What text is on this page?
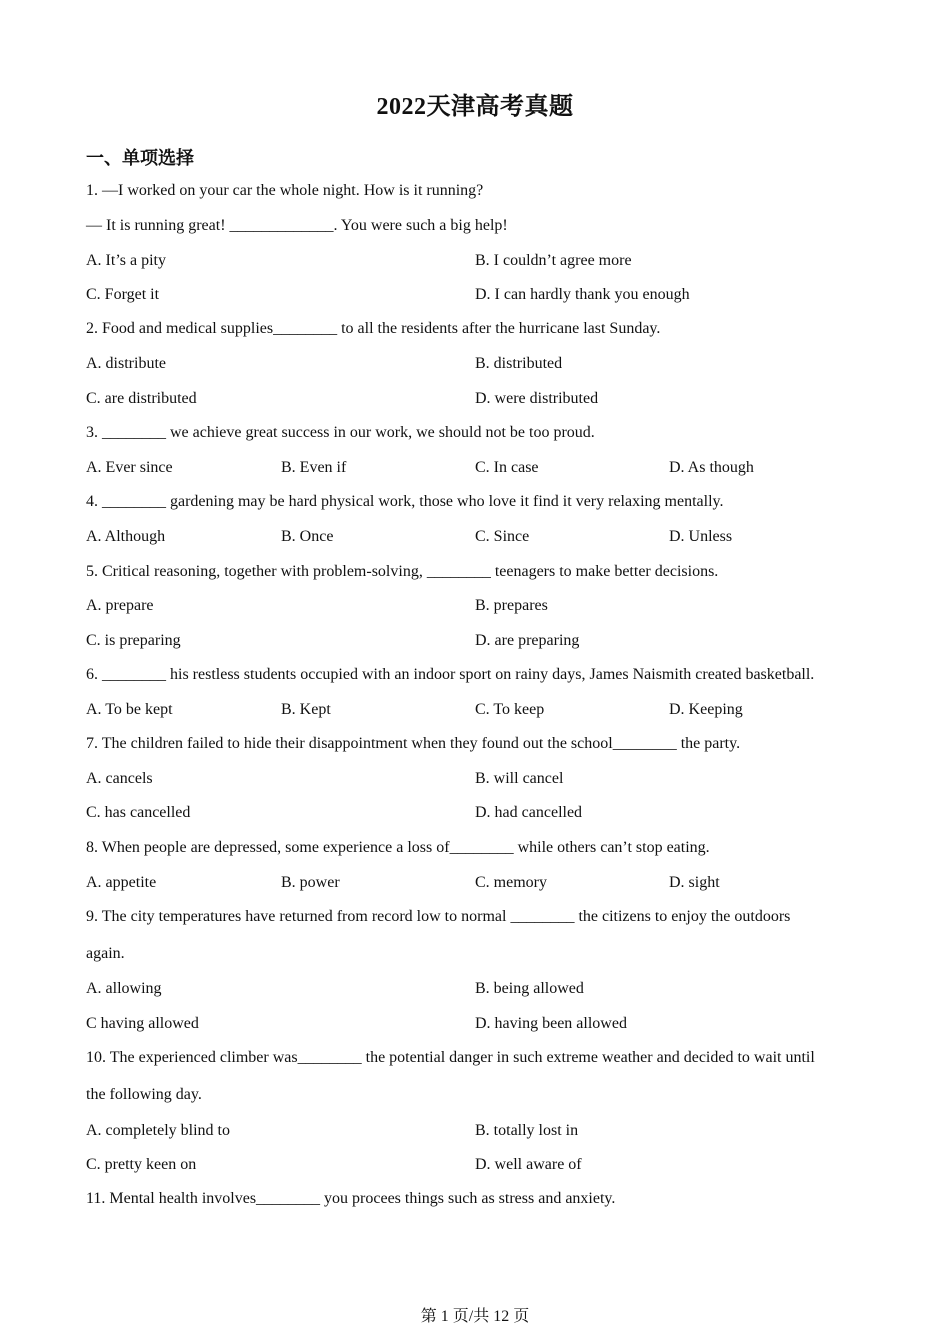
2022天津高考真题
一、单项选择
1. —I worked on your car the whole night. How is it running?
— It is running great! _____________. You were such a big help!
A. It’s a pity	B. I couldn’t agree more
C. Forget it	D. I can hardly thank you enough
2. Food and medical supplies________ to all the residents after the hurricane last Sunday.
A. distribute	B. distributed
C. are distributed	D. were distributed
3. ________ we achieve great success in our work, we should not be too proud.
A. Ever since	B. Even if	C. In case	D. As though
4. ________ gardening may be hard physical work, those who love it find it very relaxing mentally.
A. Although	B. Once	C. Since	D. Unless
5. Critical reasoning, together with problem-solving, ________ teenagers to make better decisions.
A. prepare	B. prepares
C. is preparing	D. are preparing
6. ________ his restless students occupied with an indoor sport on rainy days, James Naismith created basketball.
A. To be kept	B. Kept	C. To keep	D. Keeping
7. The children failed to hide their disappointment when they found out the school________ the party.
A. cancels	B. will cancel
C. has cancelled	D. had cancelled
8. When people are depressed, some experience a loss of________ while others can’t stop eating.
A. appetite	B. power	C. memory	D. sight
9. The city temperatures have returned from record low to normal ________ the citizens to enjoy the outdoors
again.
A. allowing	B. being allowed
C having allowed	D. having been allowed
10. The experienced climber was________ the potential danger in such extreme weather and decided to wait until
the following day.
A. completely blind to	B. totally lost in
C. pretty keen on	D. well aware of
11. Mental health involves________ you procees things such as stress and anxiety.
第 1 页/共 12 页
